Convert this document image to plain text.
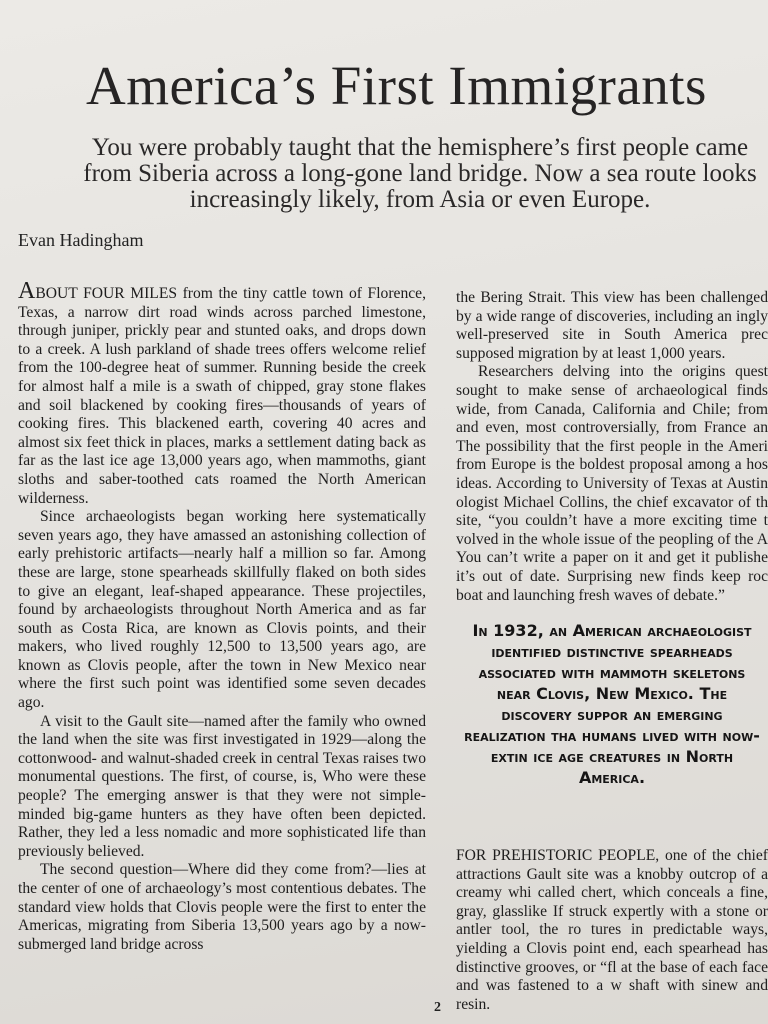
America’s First Immigrants
You were probably taught that the hemisphere’s first people came from Siberia across a long-gone land bridge. Now a sea route looks increasingly likely, from Asia or even Europe.
Evan Hadingham

ABOUT FOUR MILES from the tiny cattle town of Florence, Texas, a narrow dirt road winds across parched limestone, through juniper, prickly pear and stunted oaks, and drops down to a creek. A lush parkland of shade trees offers welcome relief from the 100-degree heat of summer. Running beside the creek for almost half a mile is a swath of chipped, gray stone flakes and soil blackened by cooking fires—thousands of years of cooking fires. This blackened earth, covering 40 acres and almost six feet thick in places, marks a settlement dating back as far as the last ice age 13,000 years ago, when mammoths, giant sloths and saber-toothed cats roamed the North American wilderness.

Since archaeologists began working here systematically seven years ago, they have amassed an astonishing collection of early prehistoric artifacts—nearly half a million so far. Among these are large, stone spearheads skillfully flaked on both sides to give an elegant, leaf-shaped appearance. These projectiles, found by archaeologists throughout North America and as far south as Costa Rica, are known as Clovis points, and their makers, who lived roughly 12,500 to 13,500 years ago, are known as Clovis people, after the town in New Mexico near where the first such point was identified some seven decades ago.

A visit to the Gault site—named after the family who owned the land when the site was first investigated in 1929—along the cottonwood- and walnut-shaded creek in central Texas raises two monumental questions. The first, of course, is, Who were these people? The emerging answer is that they were not simple-minded big-game hunters as they have often been depicted. Rather, they led a less nomadic and more sophisticated life than previously believed.

The second question—Where did they come from?—lies at the center of one of archaeology’s most contentious debates. The standard view holds that Clovis people were the first to enter the Americas, migrating from Siberia 13,500 years ago by a now-submerged land bridge across

the Bering Strait. This view has been challenged by a wide range of discoveries, including an ingly well-preserved site in South America prec supposed migration by at least 1,000 years.

Researchers delving into the origins quest sought to make sense of archaeological finds wide, from Canada, California and Chile; from and even, most controversially, from France an The possibility that the first people in the Ameri from Europe is the boldest proposal among a hos ideas. According to University of Texas at Austin ologist Michael Collins, the chief excavator of th site, “you couldn’t have a more exciting time t volved in the whole issue of the peopling of the A You can’t write a paper on it and get it publishe it’s out of date. Surprising new finds keep roc boat and launching fresh waves of debate.”

In 1932, an American archaeologist identified distinctive spearheads associated with mammoth skeletons near Clovis, New Mexico. The discovery suppor an emerging realization tha humans lived with now-extin ice age creatures in North America.

FOR PREHISTORIC PEOPLE, one of the chief attractions Gault site was a knobby outcrop of a creamy whi called chert, which conceals a fine, gray, glasslike If struck expertly with a stone or antler tool, the ro tures in predictable ways, yielding a Clovis point end, each spearhead has distinctive grooves, or “fl at the base of each face and was fastened to a w shaft with sinew and resin.

2
